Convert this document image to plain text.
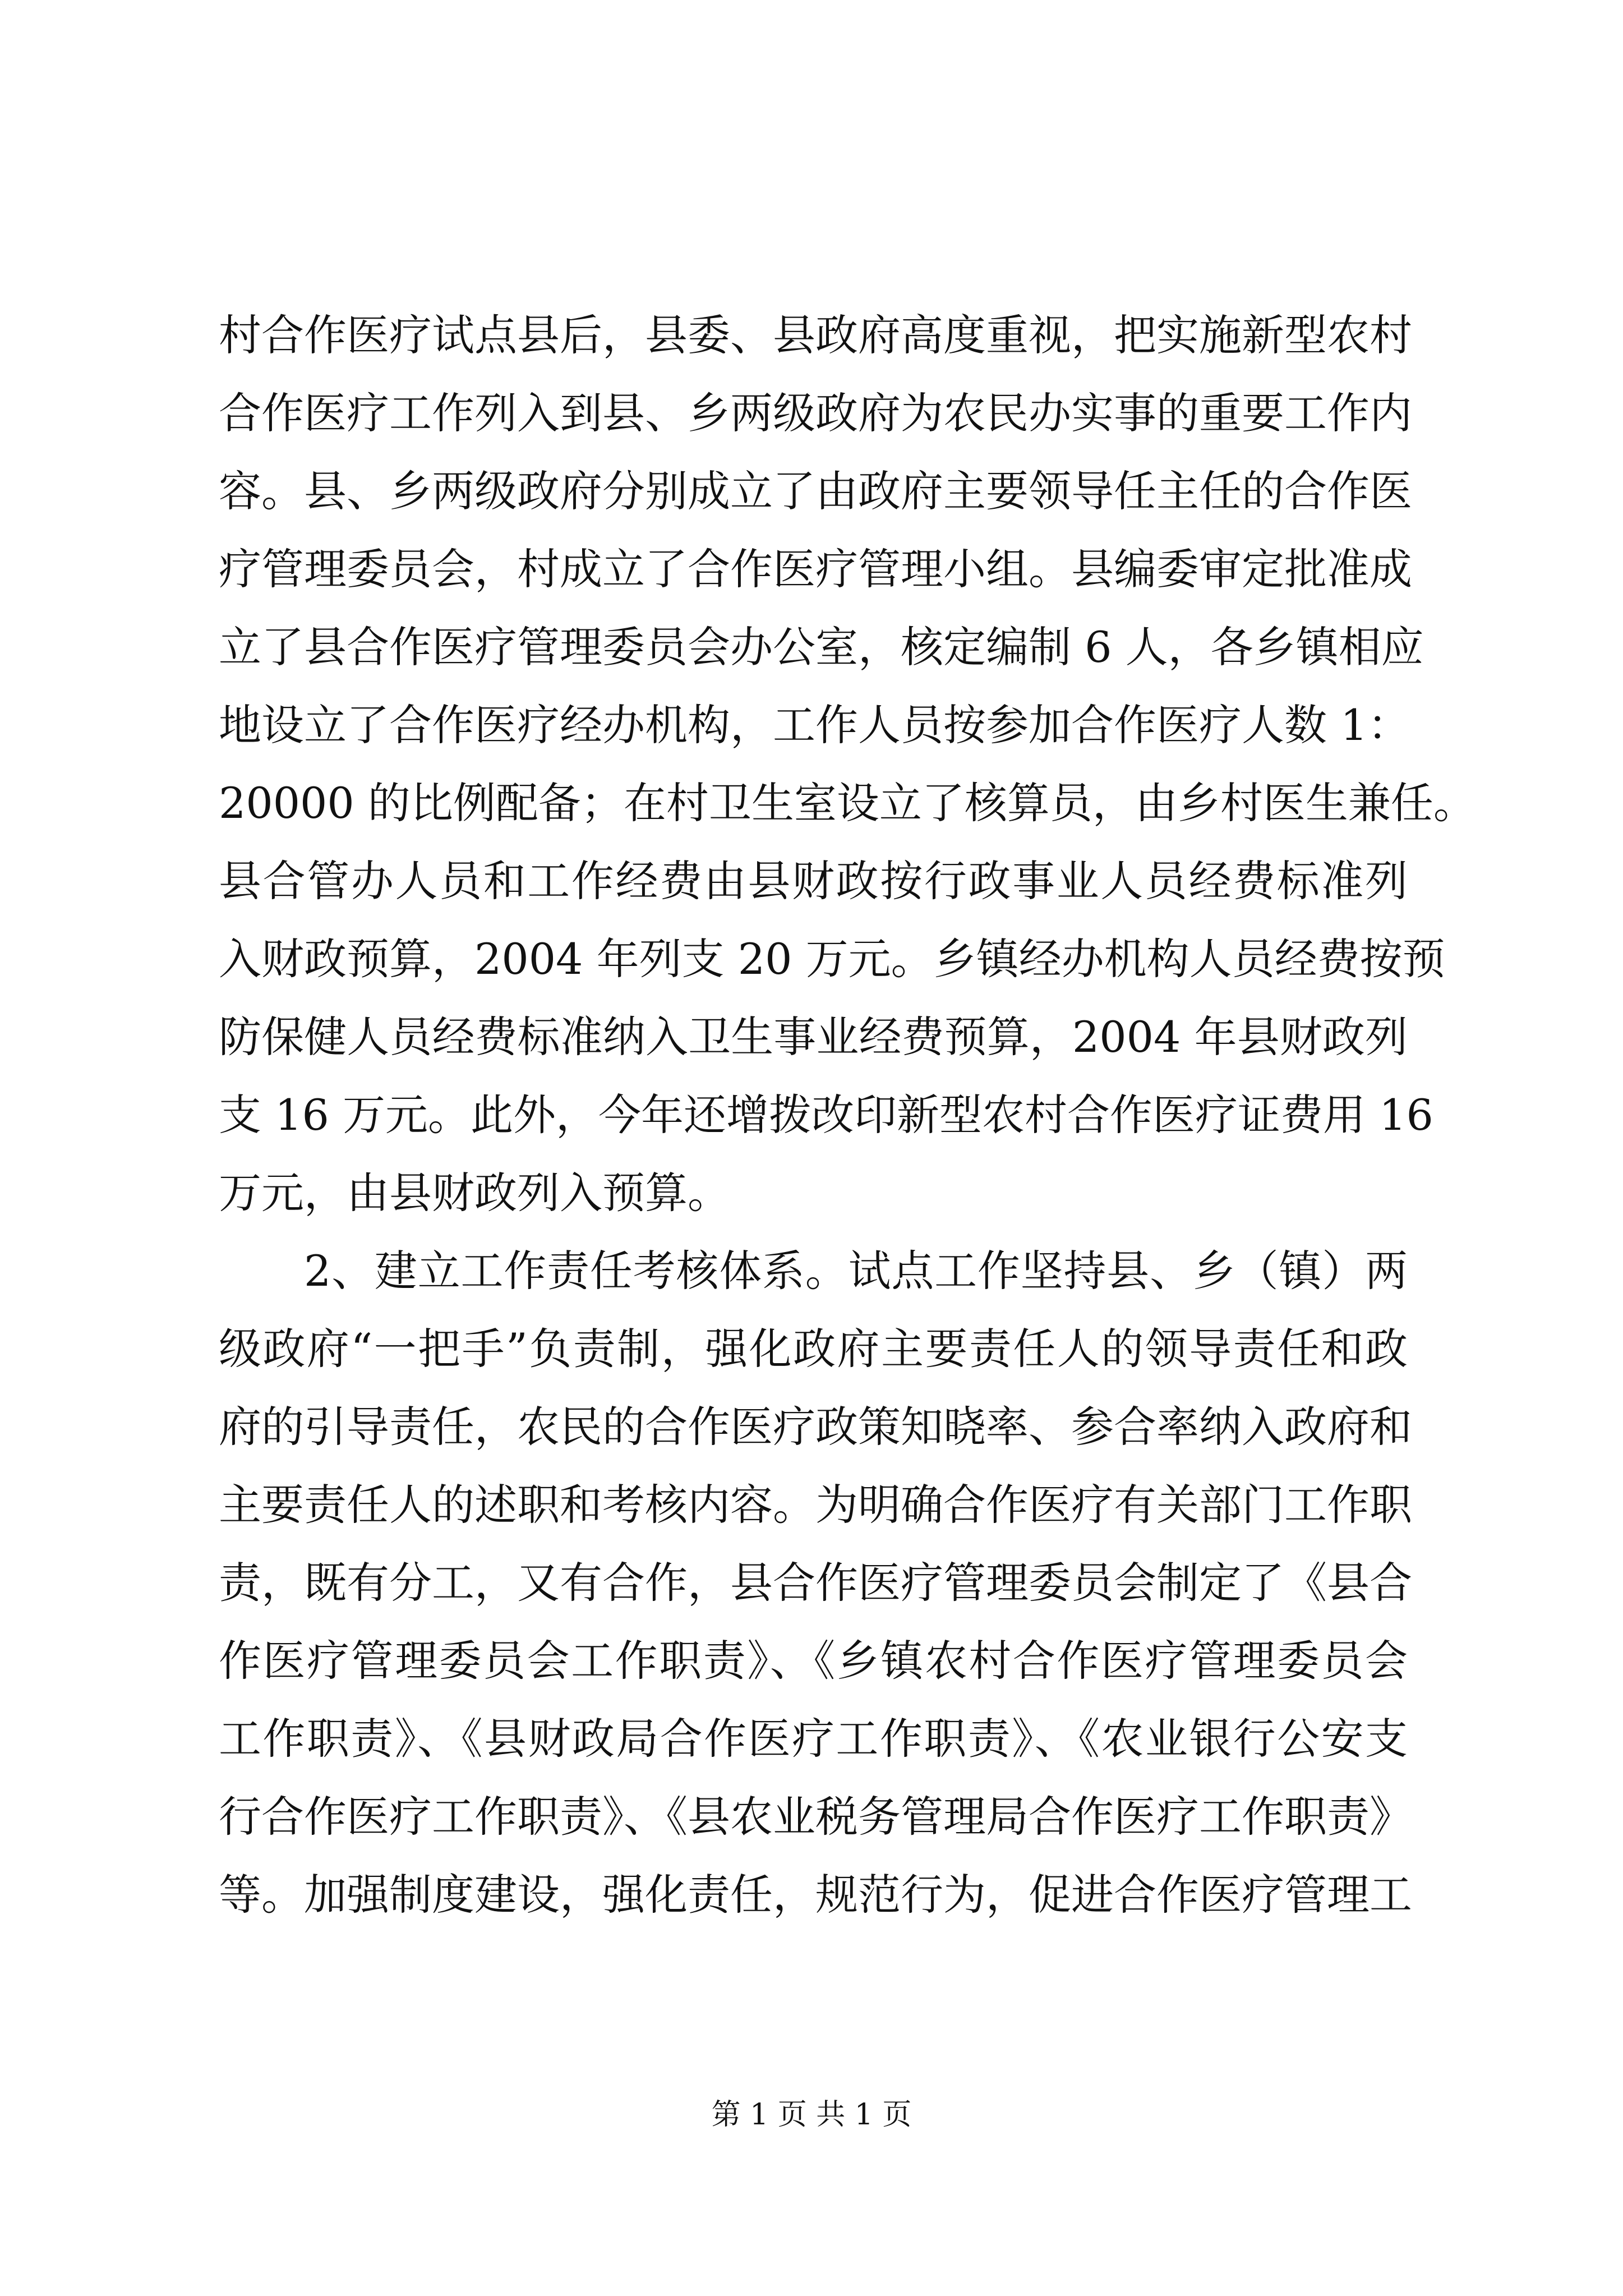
村合作医疗试点县后，县委、县政府高度重视，把实施新型农村
合作医疗工作列入到县、乡两级政府为农民办实事的重要工作内
容。县、乡两级政府分别成立了由政府主要领导任主任的合作医
疗管理委员会，村成立了合作医疗管理小组。县编委审定批准成
立了县合作医疗管理委员会办公室，核定编制 6 人，各乡镇相应
地设立了合作医疗经办机构，工作人员按参加合作医疗人数 1：
20000 的比例配备；在村卫生室设立了核算员，由乡村医生兼任。
县合管办人员和工作经费由县财政按行政事业人员经费标准列
入财政预算，2004 年列支 20 万元。乡镇经办机构人员经费按预
防保健人员经费标准纳入卫生事业经费预算，2004 年县财政列
支 16 万元。此外，今年还增拨改印新型农村合作医疗证费用 16
万元，由县财政列入预算。
2、建立工作责任考核体系。试点工作坚持县、乡（镇）两
级政府“一把手”负责制，强化政府主要责任人的领导责任和政
府的引导责任，农民的合作医疗政策知晓率、参合率纳入政府和
主要责任人的述职和考核内容。为明确合作医疗有关部门工作职
责，既有分工，又有合作，县合作医疗管理委员会制定了《县合
作医疗管理委员会工作职责》、《乡镇农村合作医疗管理委员会
工作职责》、《县财政局合作医疗工作职责》、《农业银行公安支
行合作医疗工作职责》、《县农业税务管理局合作医疗工作职责》
等。加强制度建设，强化责任，规范行为，促进合作医疗管理工
第 1 页 共 1 页
